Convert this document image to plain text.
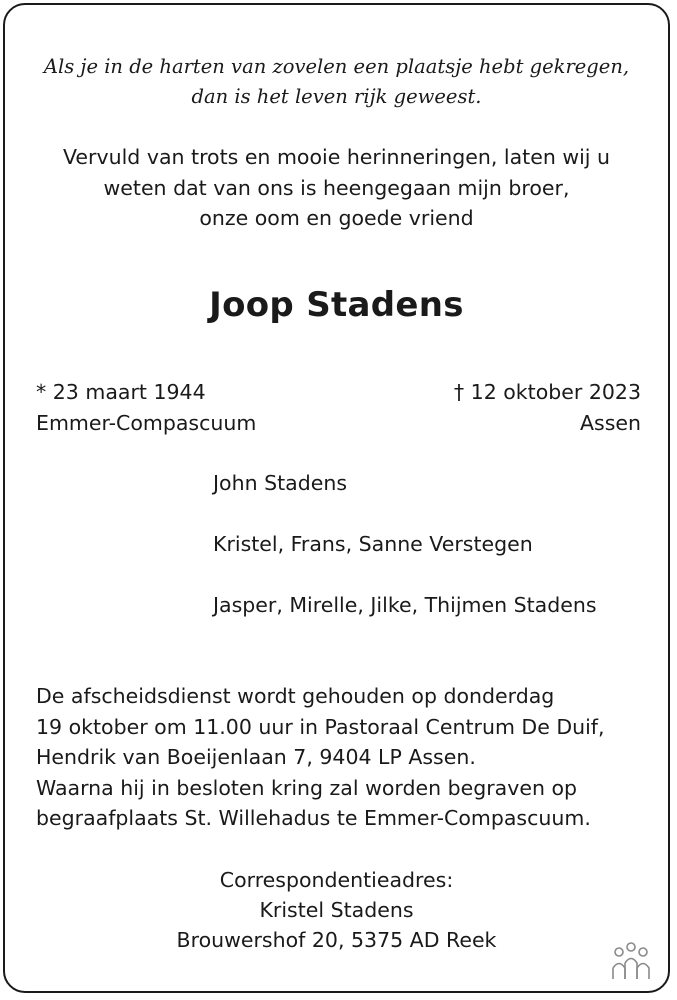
Als je in de harten van zovelen een plaatsje hebt gekregen,
dan is het leven rijk geweest.
Vervuld van trots en mooie herinneringen, laten wij u
weten dat van ons is heengegaan mijn broer,
onze oom en goede vriend
Joop Stadens
* 23 maart 1944
Emmer-Compascuum
† 12 oktober 2023
Assen
John Stadens
Kristel, Frans, Sanne Verstegen
Jasper, Mirelle, Jilke, Thijmen Stadens
De afscheidsdienst wordt gehouden op donderdag
19 oktober om 11.00 uur in Pastoraal Centrum De Duif,
Hendrik van Boeijenlaan 7, 9404 LP Assen.
Waarna hij in besloten kring zal worden begraven op
begraafplaats St. Willehadus te Emmer-Compascuum.
Correspondentieadres:
Kristel Stadens
Brouwershof 20, 5375 AD Reek
